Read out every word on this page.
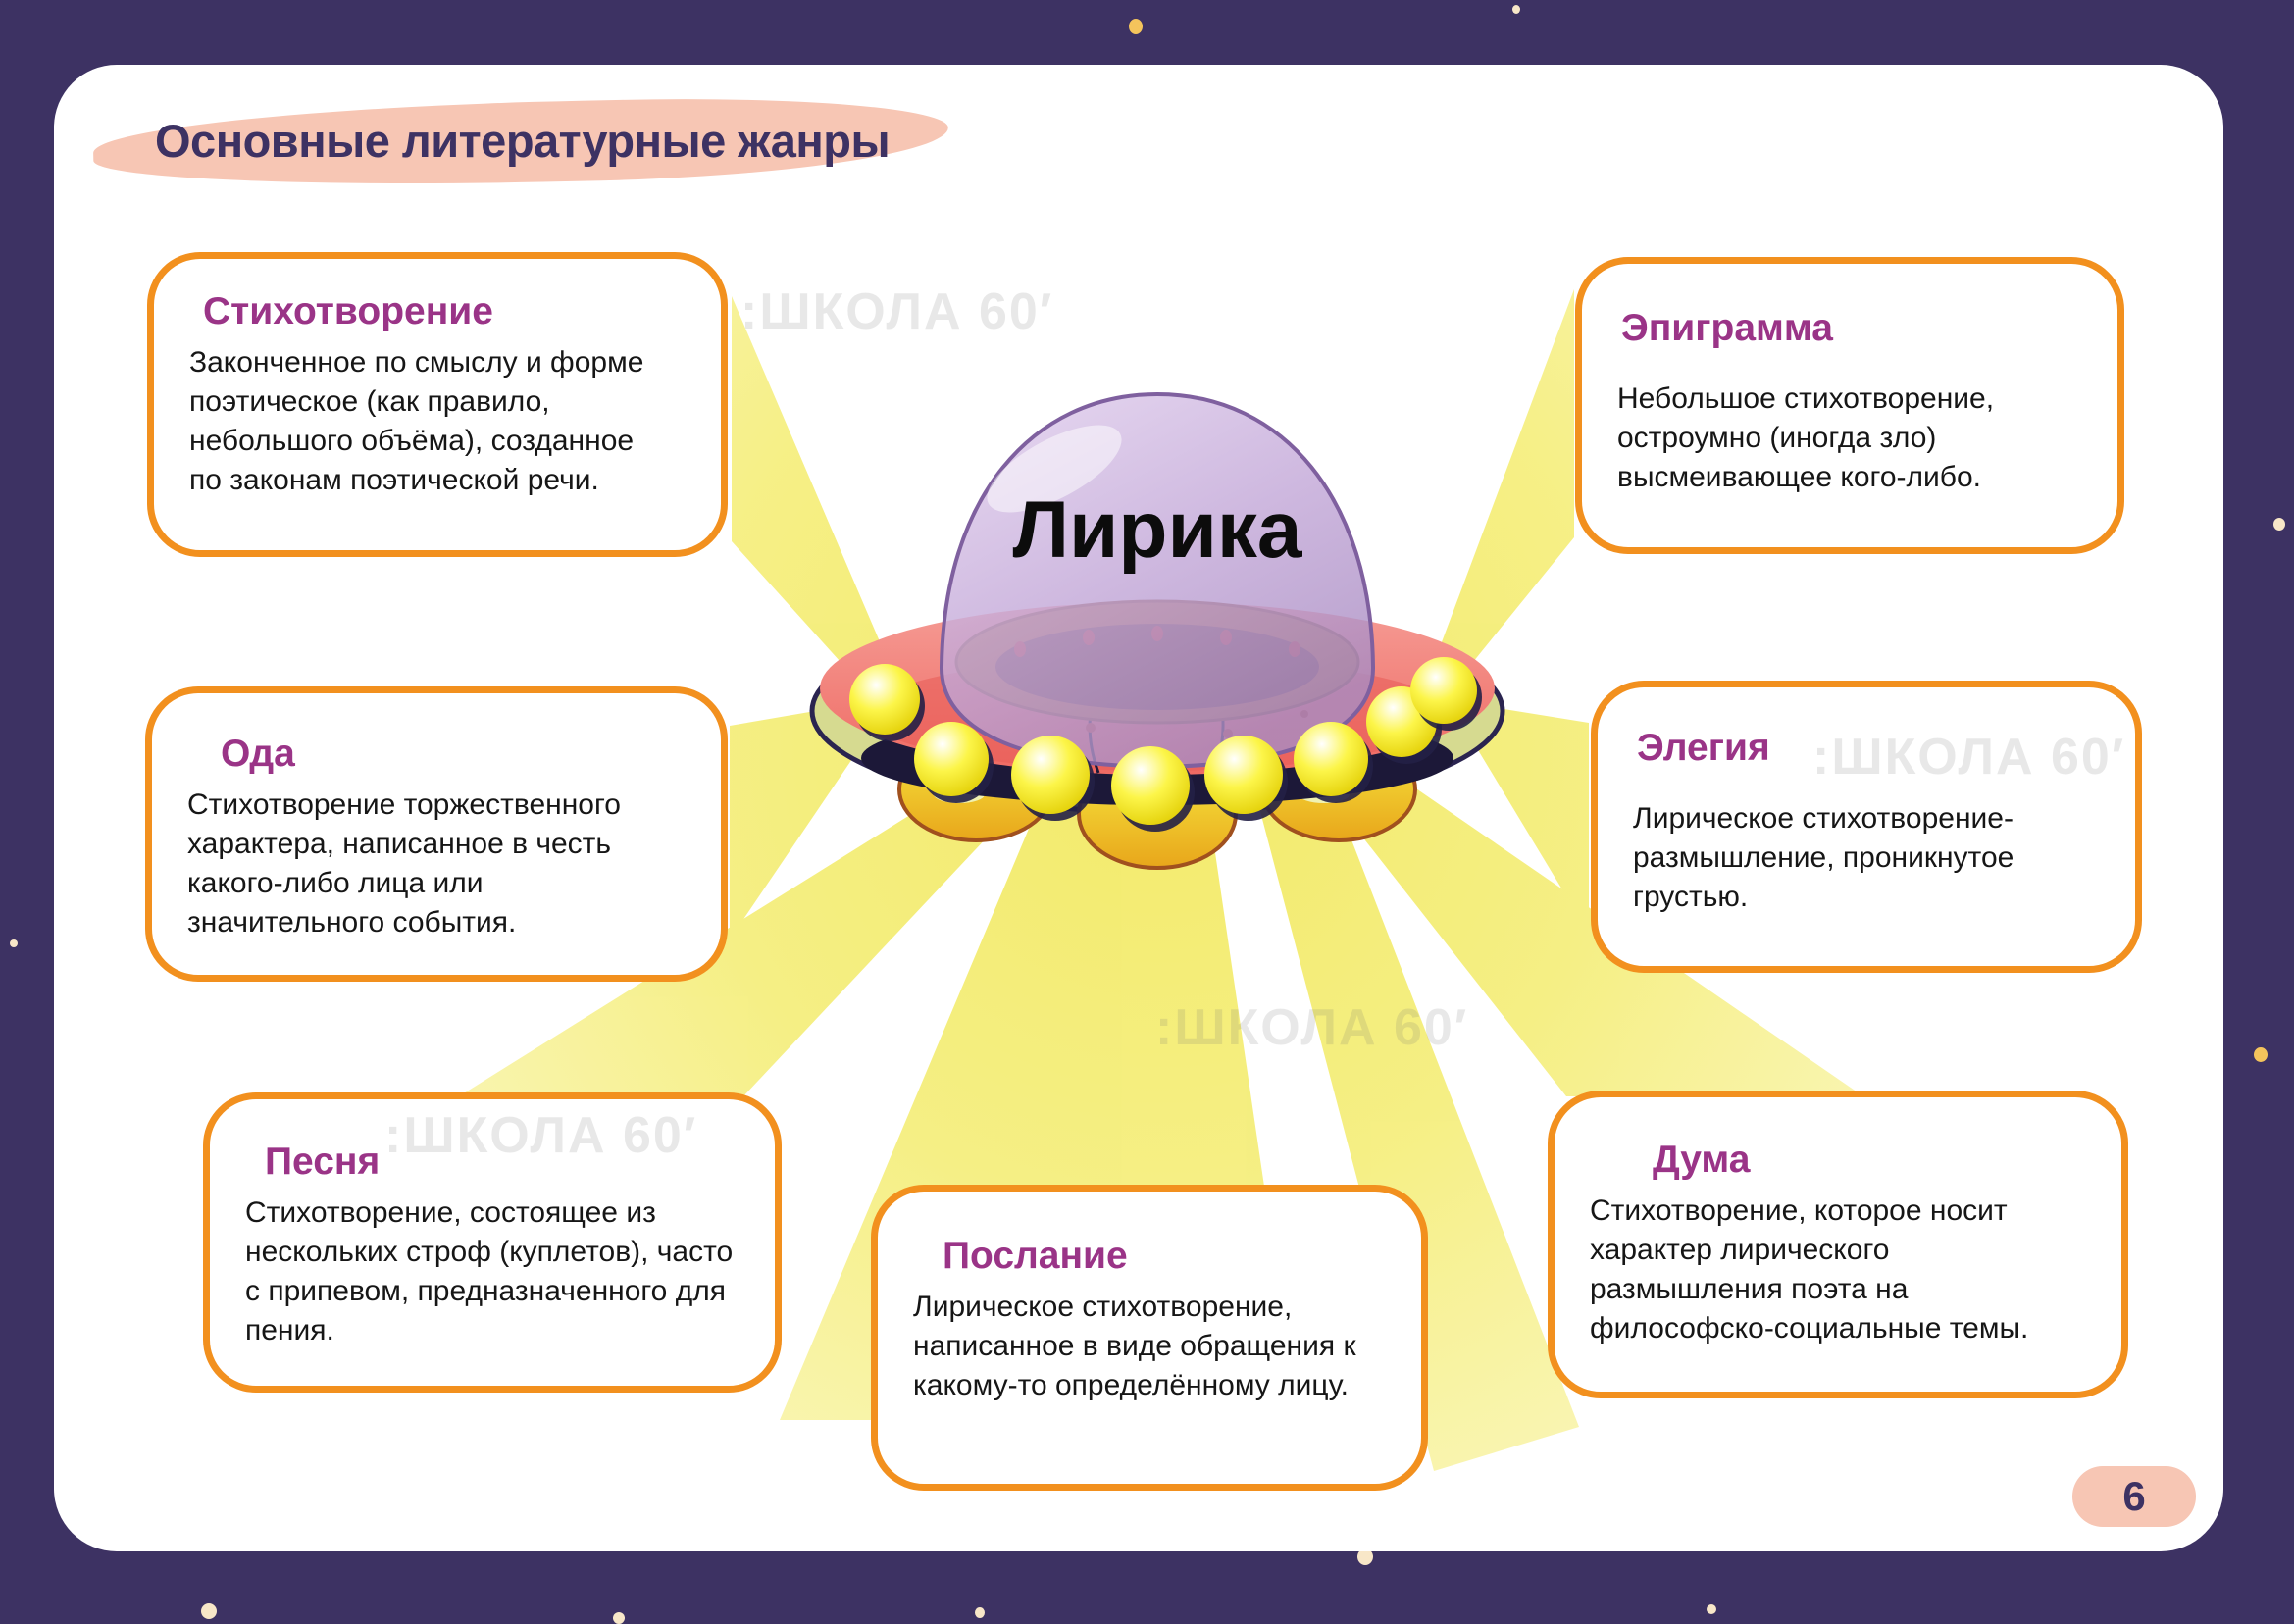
Основные литературные жанры
Лирика
Стихотворение

Законченное по смыслу и форме поэтическое (как правило, небольшого объёма), созданное по законам поэтической речи.

Эпиграмма

Небольшое стихотворение, остроумно (иногда зло) высмеивающее кого-либо.

Ода

Стихотворение торжественного характера, написанное в честь какого-либо лица или значительного события.

Элегия

Лирическое стихотворение-размышление, проникнутое грустью.

Песня

Стихотворение, состоящее из нескольких строф (куплетов), часто с припевом, предназначенного для пения.

Послание

Лирическое стихотворение, написанное в виде обращения к какому-то определённому лицу.

Дума

Стихотворение, которое носит характер лирического размышления поэта на философско-социальные темы.

6
